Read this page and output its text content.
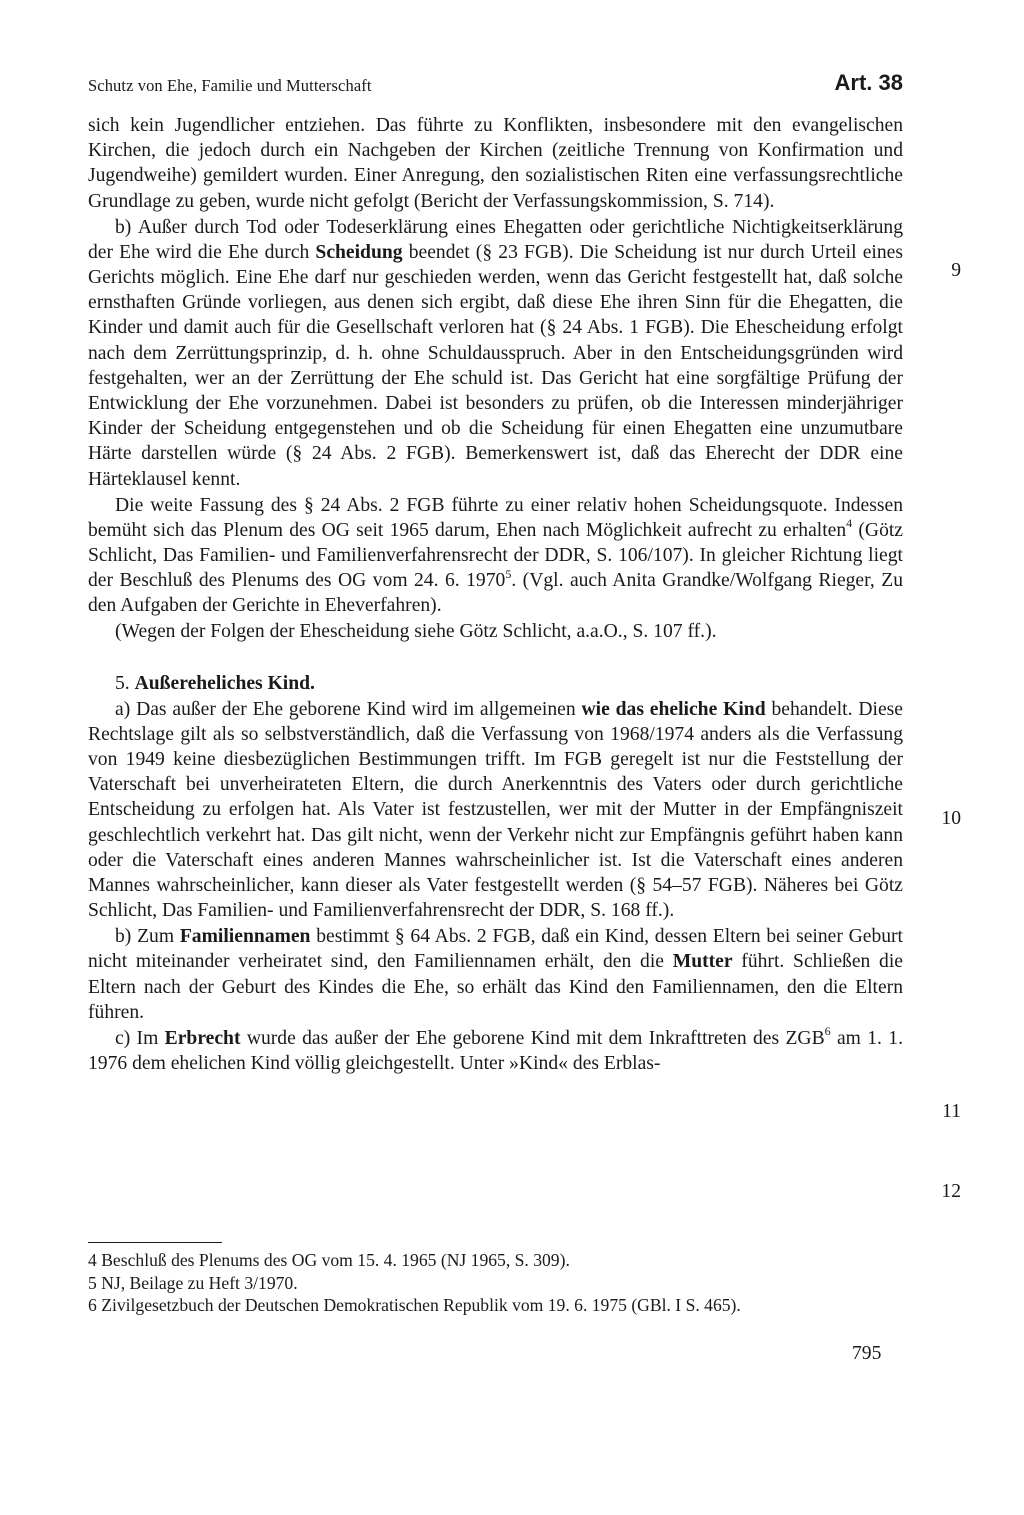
Schutz von Ehe, Familie und Mutterschaft	Art. 38

sich kein Jugendlicher entziehen. Das führte zu Konflikten, insbesondere mit den evangelischen Kirchen, die jedoch durch ein Nachgeben der Kirchen (zeitliche Trennung von Konfirmation und Jugendweihe) gemildert wurden. Einer Anregung, den sozialistischen Riten eine verfassungsrechtliche Grundlage zu geben, wurde nicht gefolgt (Bericht der Verfassungskommission, S. 714).

b) Außer durch Tod oder Todeserklärung eines Ehegatten oder gerichtliche Nichtigkeitserklärung der Ehe wird die Ehe durch Scheidung beendet (§ 23 FGB). Die Scheidung ist nur durch Urteil eines Gerichts möglich. Eine Ehe darf nur geschieden werden, wenn das Gericht festgestellt hat, daß solche ernsthaften Gründe vorliegen, aus denen sich ergibt, daß diese Ehe ihren Sinn für die Ehegatten, die Kinder und damit auch für die Gesellschaft verloren hat (§ 24 Abs. 1 FGB). Die Ehescheidung erfolgt nach dem Zerrüttungsprinzip, d. h. ohne Schuldausspruch. Aber in den Entscheidungsgründen wird festgehalten, wer an der Zerrüttung der Ehe schuld ist. Das Gericht hat eine sorgfältige Prüfung der Entwicklung der Ehe vorzunehmen. Dabei ist besonders zu prüfen, ob die Interessen minderjähriger Kinder der Scheidung entgegenstehen und ob die Scheidung für einen Ehegatten eine unzumutbare Härte darstellen würde (§ 24 Abs. 2 FGB). Bemerkenswert ist, daß das Eherecht der DDR eine Härteklausel kennt.

Die weite Fassung des § 24 Abs. 2 FGB führte zu einer relativ hohen Scheidungsquote. Indessen bemüht sich das Plenum des OG seit 1965 darum, Ehen nach Möglichkeit aufrecht zu erhalten$^4$ (Götz Schlicht, Das Familien- und Familienverfahrensrecht der DDR, S. 106/107). In gleicher Richtung liegt der Beschluß des Plenums des OG vom 24. 6. 1970$^5$. (Vgl. auch Anita Grandke/Wolfgang Rieger, Zu den Aufgaben der Gerichte in Eheverfahren).

(Wegen der Folgen der Ehescheidung siehe Götz Schlicht, a.a.O., S. 107 ff.).

5. Außereheliches Kind.

a) Das außer der Ehe geborene Kind wird im allgemeinen wie das eheliche Kind behandelt. Diese Rechtslage gilt als so selbstverständlich, daß die Verfassung von 1968/1974 anders als die Verfassung von 1949 keine diesbezüglichen Bestimmungen trifft. Im FGB geregelt ist nur die Feststellung der Vaterschaft bei unverheirateten Eltern, die durch Anerkenntnis des Vaters oder durch gerichtliche Entscheidung zu erfolgen hat. Als Vater ist festzustellen, wer mit der Mutter in der Empfängniszeit geschlechtlich verkehrt hat. Das gilt nicht, wenn der Verkehr nicht zur Empfängnis geführt haben kann oder die Vaterschaft eines anderen Mannes wahrscheinlicher ist. Ist die Vaterschaft eines anderen Mannes wahrscheinlicher, kann dieser als Vater festgestellt werden (§ 54–57 FGB). Näheres bei Götz Schlicht, Das Familien- und Familienverfahrensrecht der DDR, S. 168 ff.).

b) Zum Familiennamen bestimmt § 64 Abs. 2 FGB, daß ein Kind, dessen Eltern bei seiner Geburt nicht miteinander verheiratet sind, den Familiennamen erhält, den die Mutter führt. Schließen die Eltern nach der Geburt des Kindes die Ehe, so erhält das Kind den Familiennamen, den die Eltern führen.

c) Im Erbrecht wurde das außer der Ehe geborene Kind mit dem Inkrafttreten des ZGB$^6$ am 1. 1. 1976 dem ehelichen Kind völlig gleichgestellt. Unter »Kind« des Erblas-

9
10
11
12
4 Beschluß des Plenums des OG vom 15. 4. 1965 (NJ 1965, S. 309).
5 NJ, Beilage zu Heft 3/1970.
6 Zivilgesetzbuch der Deutschen Demokratischen Republik vom 19. 6. 1975 (GBl. I S. 465).
795
